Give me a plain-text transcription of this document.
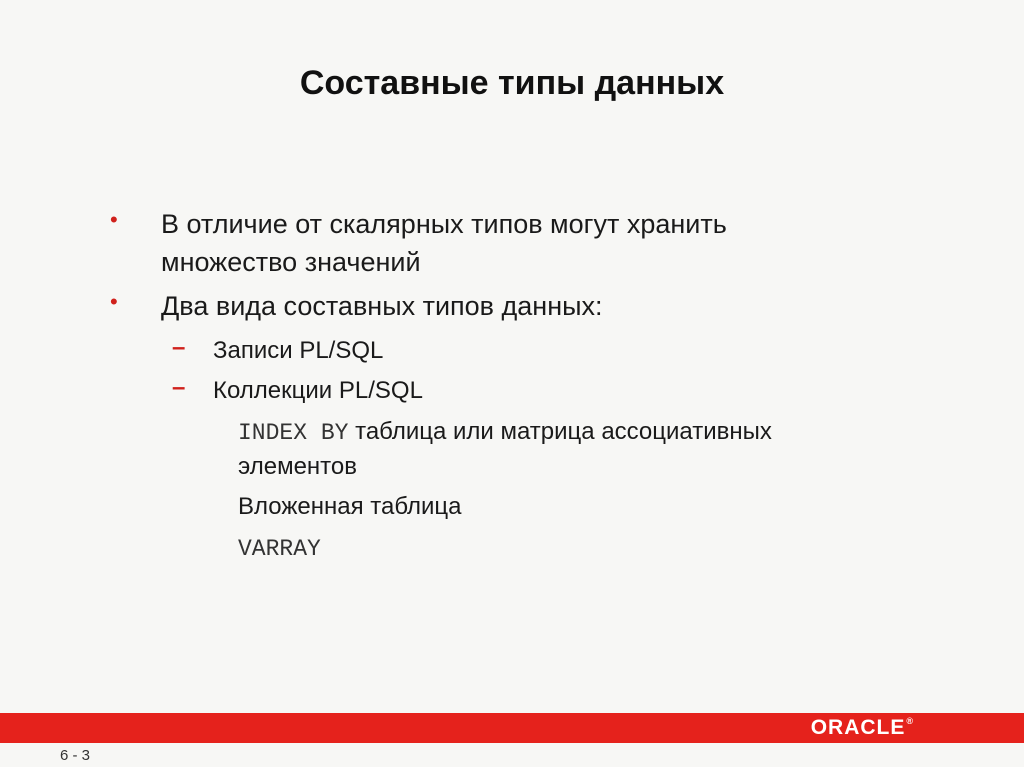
Составные типы данных
• В отличие от скалярных типов могут хранить
множество значений
• Два вида составных типов данных:
– Записи PL/SQL
– Коллекции PL/SQL
INDEX BY таблица или матрица ассоциативных
элементов
Вложенная таблица
VARRAY
ORACLE®
6 - 3
